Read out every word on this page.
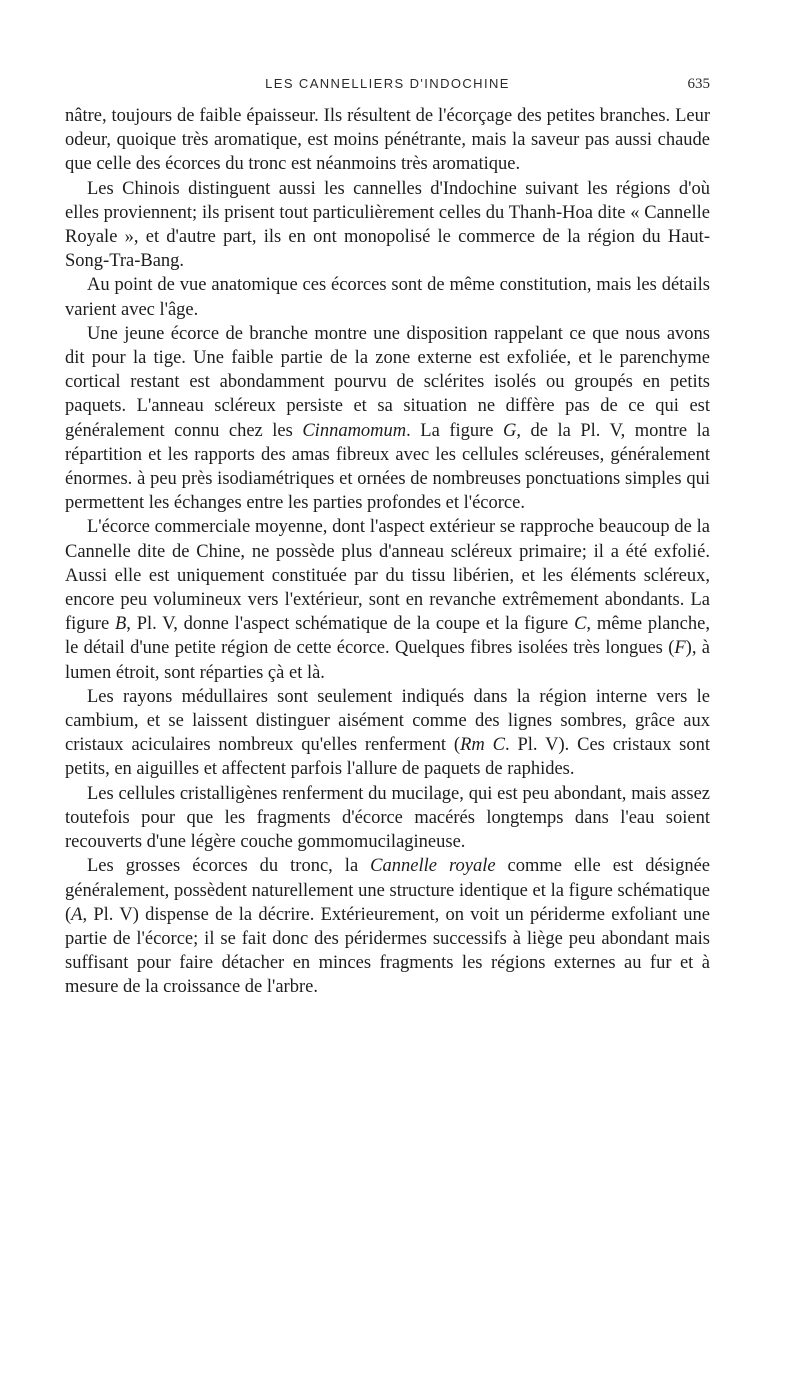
LES CANNELLIERS D'INDOCHINE	635

nâtre, toujours de faible épaisseur. Ils résultent de l'écorçage des petites branches. Leur odeur, quoique très aromatique, est moins pénétrante, mais la saveur pas aussi chaude que celle des écorces du tronc est néanmoins très aromatique.

Les Chinois distinguent aussi les cannelles d'Indochine suivant les régions d'où elles proviennent; ils prisent tout particulièrement celles du Thanh-Hoa dite « Cannelle Royale », et d'autre part, ils en ont monopolisé le commerce de la région du Haut-Song-Tra-Bang.

Au point de vue anatomique ces écorces sont de même constitution, mais les détails varient avec l'âge.

Une jeune écorce de branche montre une disposition rappelant ce que nous avons dit pour la tige. Une faible partie de la zone externe est exfoliée, et le parenchyme cortical restant est abondamment pourvu de sclérites isolés ou groupés en petits paquets. L'anneau scléreux persiste et sa situation ne diffère pas de ce qui est généralement connu chez les Cinnamomum. La figure G, de la Pl. V, montre la répartition et les rapports des amas fibreux avec les cellules scléreuses, généralement énormes. à peu près isodiamétriques et ornées de nombreuses ponctuations simples qui permettent les échanges entre les parties profondes et l'écorce.

L'écorce commerciale moyenne, dont l'aspect extérieur se rapproche beaucoup de la Cannelle dite de Chine, ne possède plus d'anneau scléreux primaire; il a été exfolié. Aussi elle est uniquement constituée par du tissu libérien, et les éléments scléreux, encore peu volumineux vers l'extérieur, sont en revanche extrêmement abondants. La figure B, Pl. V, donne l'aspect schématique de la coupe et la figure C, même planche, le détail d'une petite région de cette écorce. Quelques fibres isolées très longues (F), à lumen étroit, sont réparties çà et là.

Les rayons médullaires sont seulement indiqués dans la région interne vers le cambium, et se laissent distinguer aisément comme des lignes sombres, grâce aux cristaux aciculaires nombreux qu'elles renferment (Rm C. Pl. V). Ces cristaux sont petits, en aiguilles et affectent parfois l'allure de paquets de raphides.

Les cellules cristalligènes renferment du mucilage, qui est peu abondant, mais assez toutefois pour que les fragments d'écorce macérés longtemps dans l'eau soient recouverts d'une légère couche gommomucilagineuse.

Les grosses écorces du tronc, la Cannelle royale comme elle est désignée généralement, possèdent naturellement une structure identique et la figure schématique (A, Pl. V) dispense de la décrire. Extérieurement, on voit un périderme exfoliant une partie de l'écorce; il se fait donc des péridermes successifs à liège peu abondant mais suffisant pour faire détacher en minces fragments les régions externes au fur et à mesure de la croissance de l'arbre.
